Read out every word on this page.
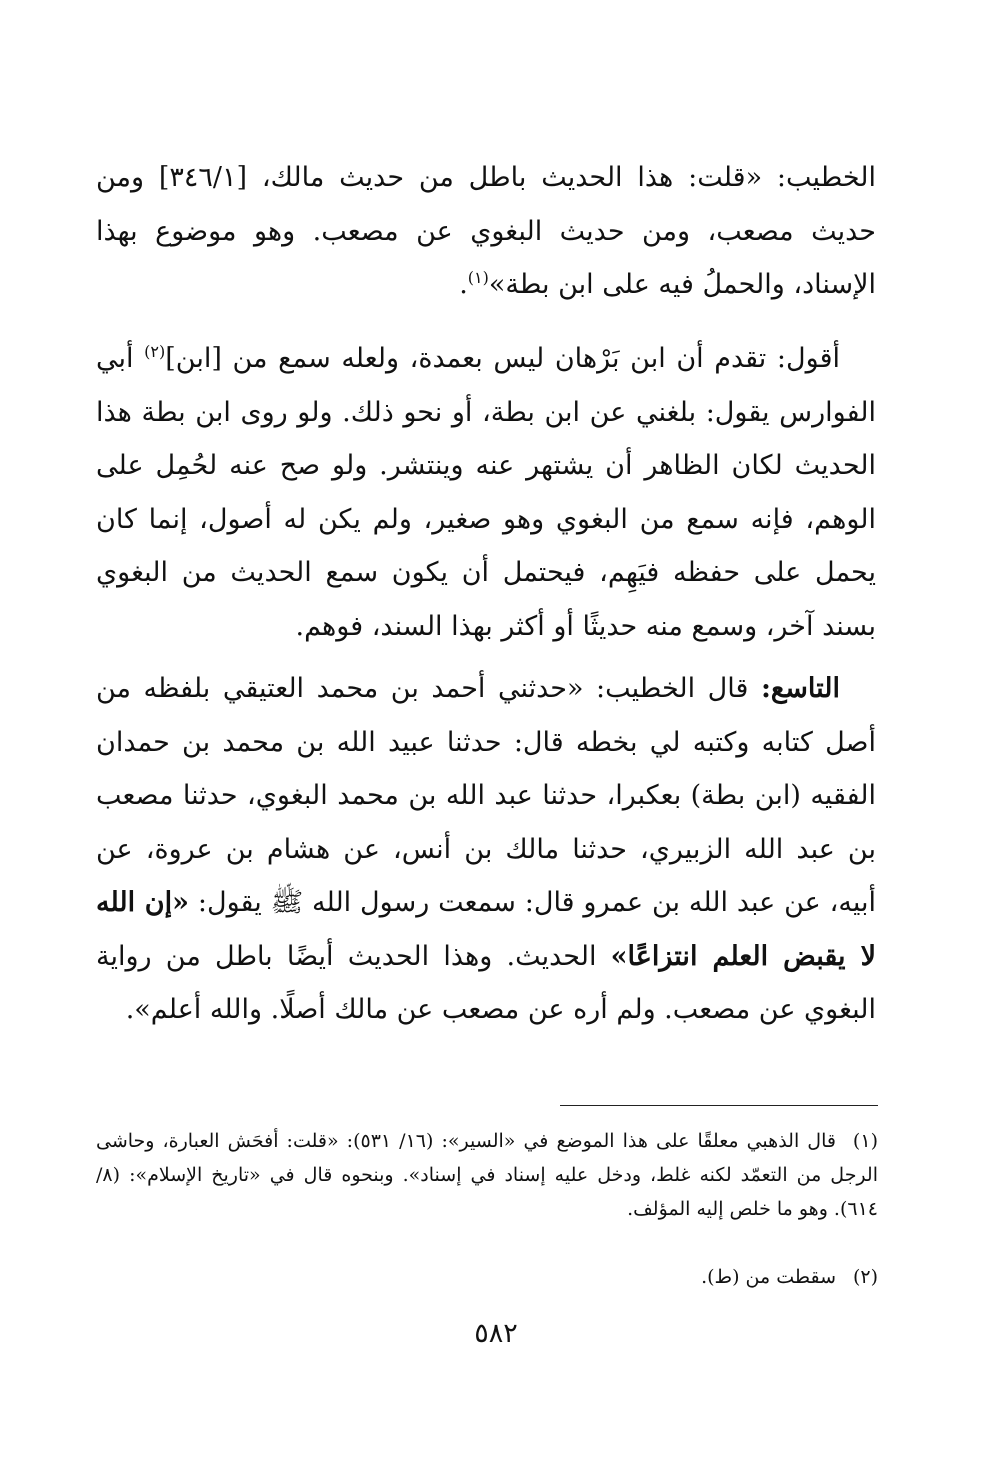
الخطيب: «قلت: هذا الحديث باطل من حديث مالك، [٣٤٦/١] ومن حديث مصعب، ومن حديث البغوي عن مصعب. وهو موضوع بهذا الإسناد، والحملُ فيه على ابن بطة»$^{(١)}$.

أقول: تقدم أن ابن بَرْهان ليس بعمدة، ولعله سمع من [ابن]$^{(٢)}$ أبي الفوارس يقول: بلغني عن ابن بطة، أو نحو ذلك. ولو روى ابن بطة هذا الحديث لكان الظاهر أن يشتهر عنه وينتشر. ولو صح عنه لحُمِل على الوهم، فإنه سمع من البغوي وهو صغير، ولم يكن له أصول، إنما كان يحمل على حفظه فيَهِم، فيحتمل أن يكون سمع الحديث من البغوي بسند آخر، وسمع منه حديثًا أو أكثر بهذا السند، فوهم.

التاسع: قال الخطيب: «حدثني أحمد بن محمد العتيقي بلفظه من أصل كتابه وكتبه لي بخطه قال: حدثنا عبيد الله بن محمد بن حمدان الفقيه (ابن بطة) بعكبرا، حدثنا عبد الله بن محمد البغوي، حدثنا مصعب بن عبد الله الزبيري، حدثنا مالك بن أنس، عن هشام بن عروة، عن أبيه، عن عبد الله بن عمرو قال: سمعت رسول الله ﷺ يقول: «إن الله لا يقبض العلم انتزاعًا» الحديث. وهذا الحديث أيضًا باطل من رواية البغوي عن مصعب. ولم أره عن مصعب عن مالك أصلًا. والله أعلم».

(١)قال الذهبي معلقًا على هذا الموضع في «السير»: (١٦/ ٥٣١): «قلت: أفحَش العبارة، وحاشى الرجل من التعمّد لكنه غلط، ودخل عليه إسناد في إسناد». وبنحوه قال في «تاريخ الإسلام»: (٨/ ٦١٤). وهو ما خلص إليه المؤلف.

(٢)سقطت من (ط).

٥٨٢
